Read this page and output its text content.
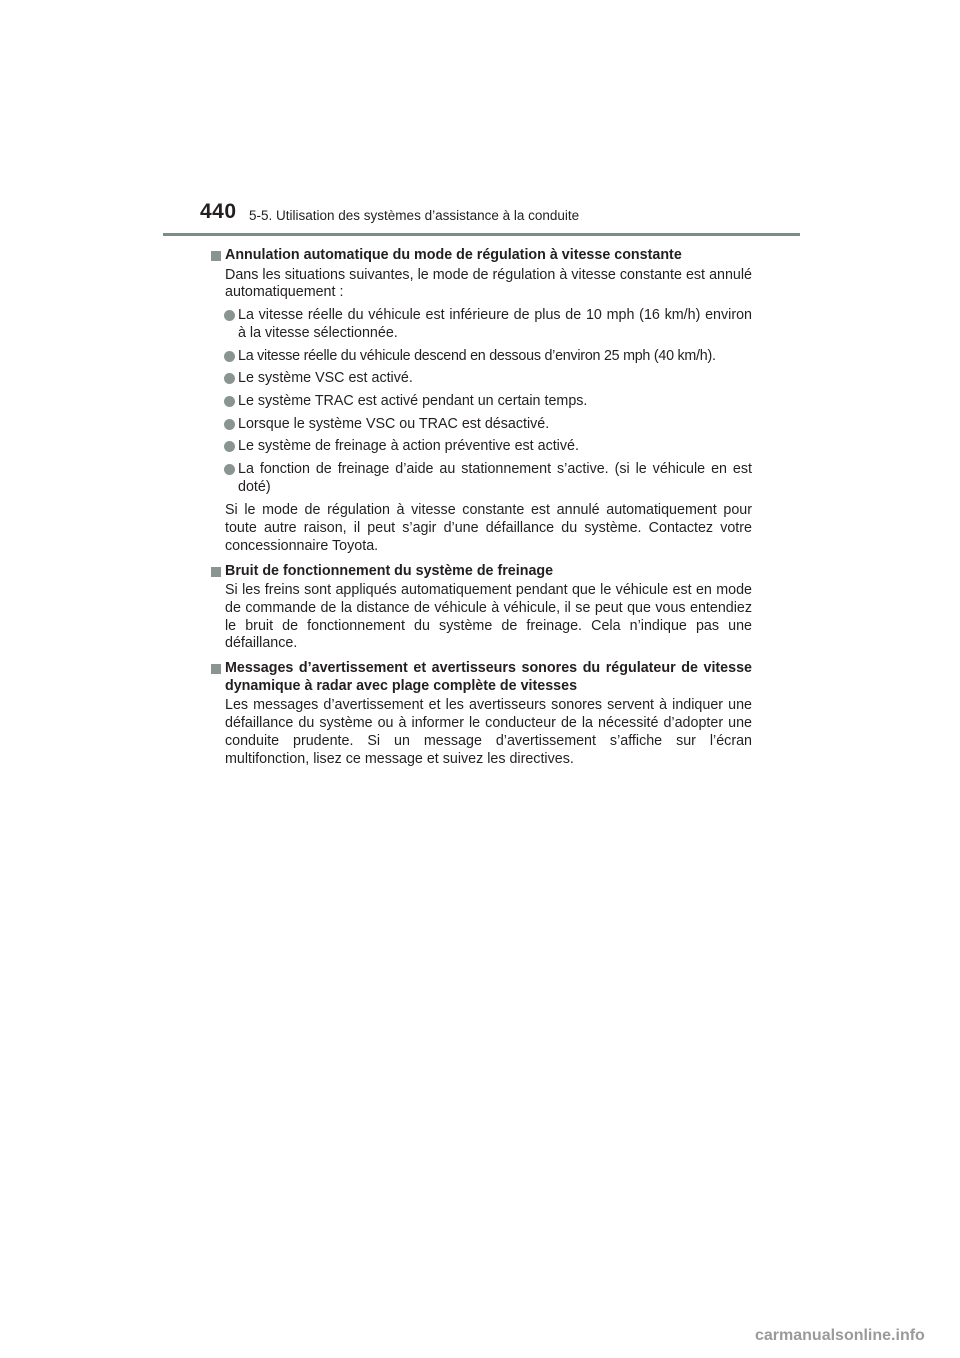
440 5-5. Utilisation des systèmes d’assistance à la conduite
Annulation automatique du mode de régulation à vitesse constante
Dans les situations suivantes, le mode de régulation à vitesse constante est annulé automatiquement :
La vitesse réelle du véhicule est inférieure de plus de 10 mph (16 km/h) environ à la vitesse sélectionnée.
La vitesse réelle du véhicule descend en dessous d’environ 25 mph (40 km/h).
Le système VSC est activé.
Le système TRAC est activé pendant un certain temps.
Lorsque le système VSC ou TRAC est désactivé.
Le système de freinage à action préventive est activé.
La fonction de freinage d’aide au stationnement s’active. (si le véhicule en est doté)
Si le mode de régulation à vitesse constante est annulé automatiquement pour toute autre raison, il peut s’agir d’une défaillance du système. Contactez votre concessionnaire Toyota.
Bruit de fonctionnement du système de freinage
Si les freins sont appliqués automatiquement pendant que le véhicule est en mode de commande de la distance de véhicule à véhicule, il se peut que vous entendiez le bruit de fonctionnement du système de freinage. Cela n’indique pas une défaillance.
Messages d’avertissement et avertisseurs sonores du régulateur de vitesse dynamique à radar avec plage complète de vitesses
Les messages d’avertissement et les avertisseurs sonores servent à indiquer une défaillance du système ou à informer le conducteur de la nécessité d’adopter une conduite prudente. Si un message d’avertissement s’affiche sur l’écran multifonction, lisez ce message et suivez les directives.
carmanualsonline.info
